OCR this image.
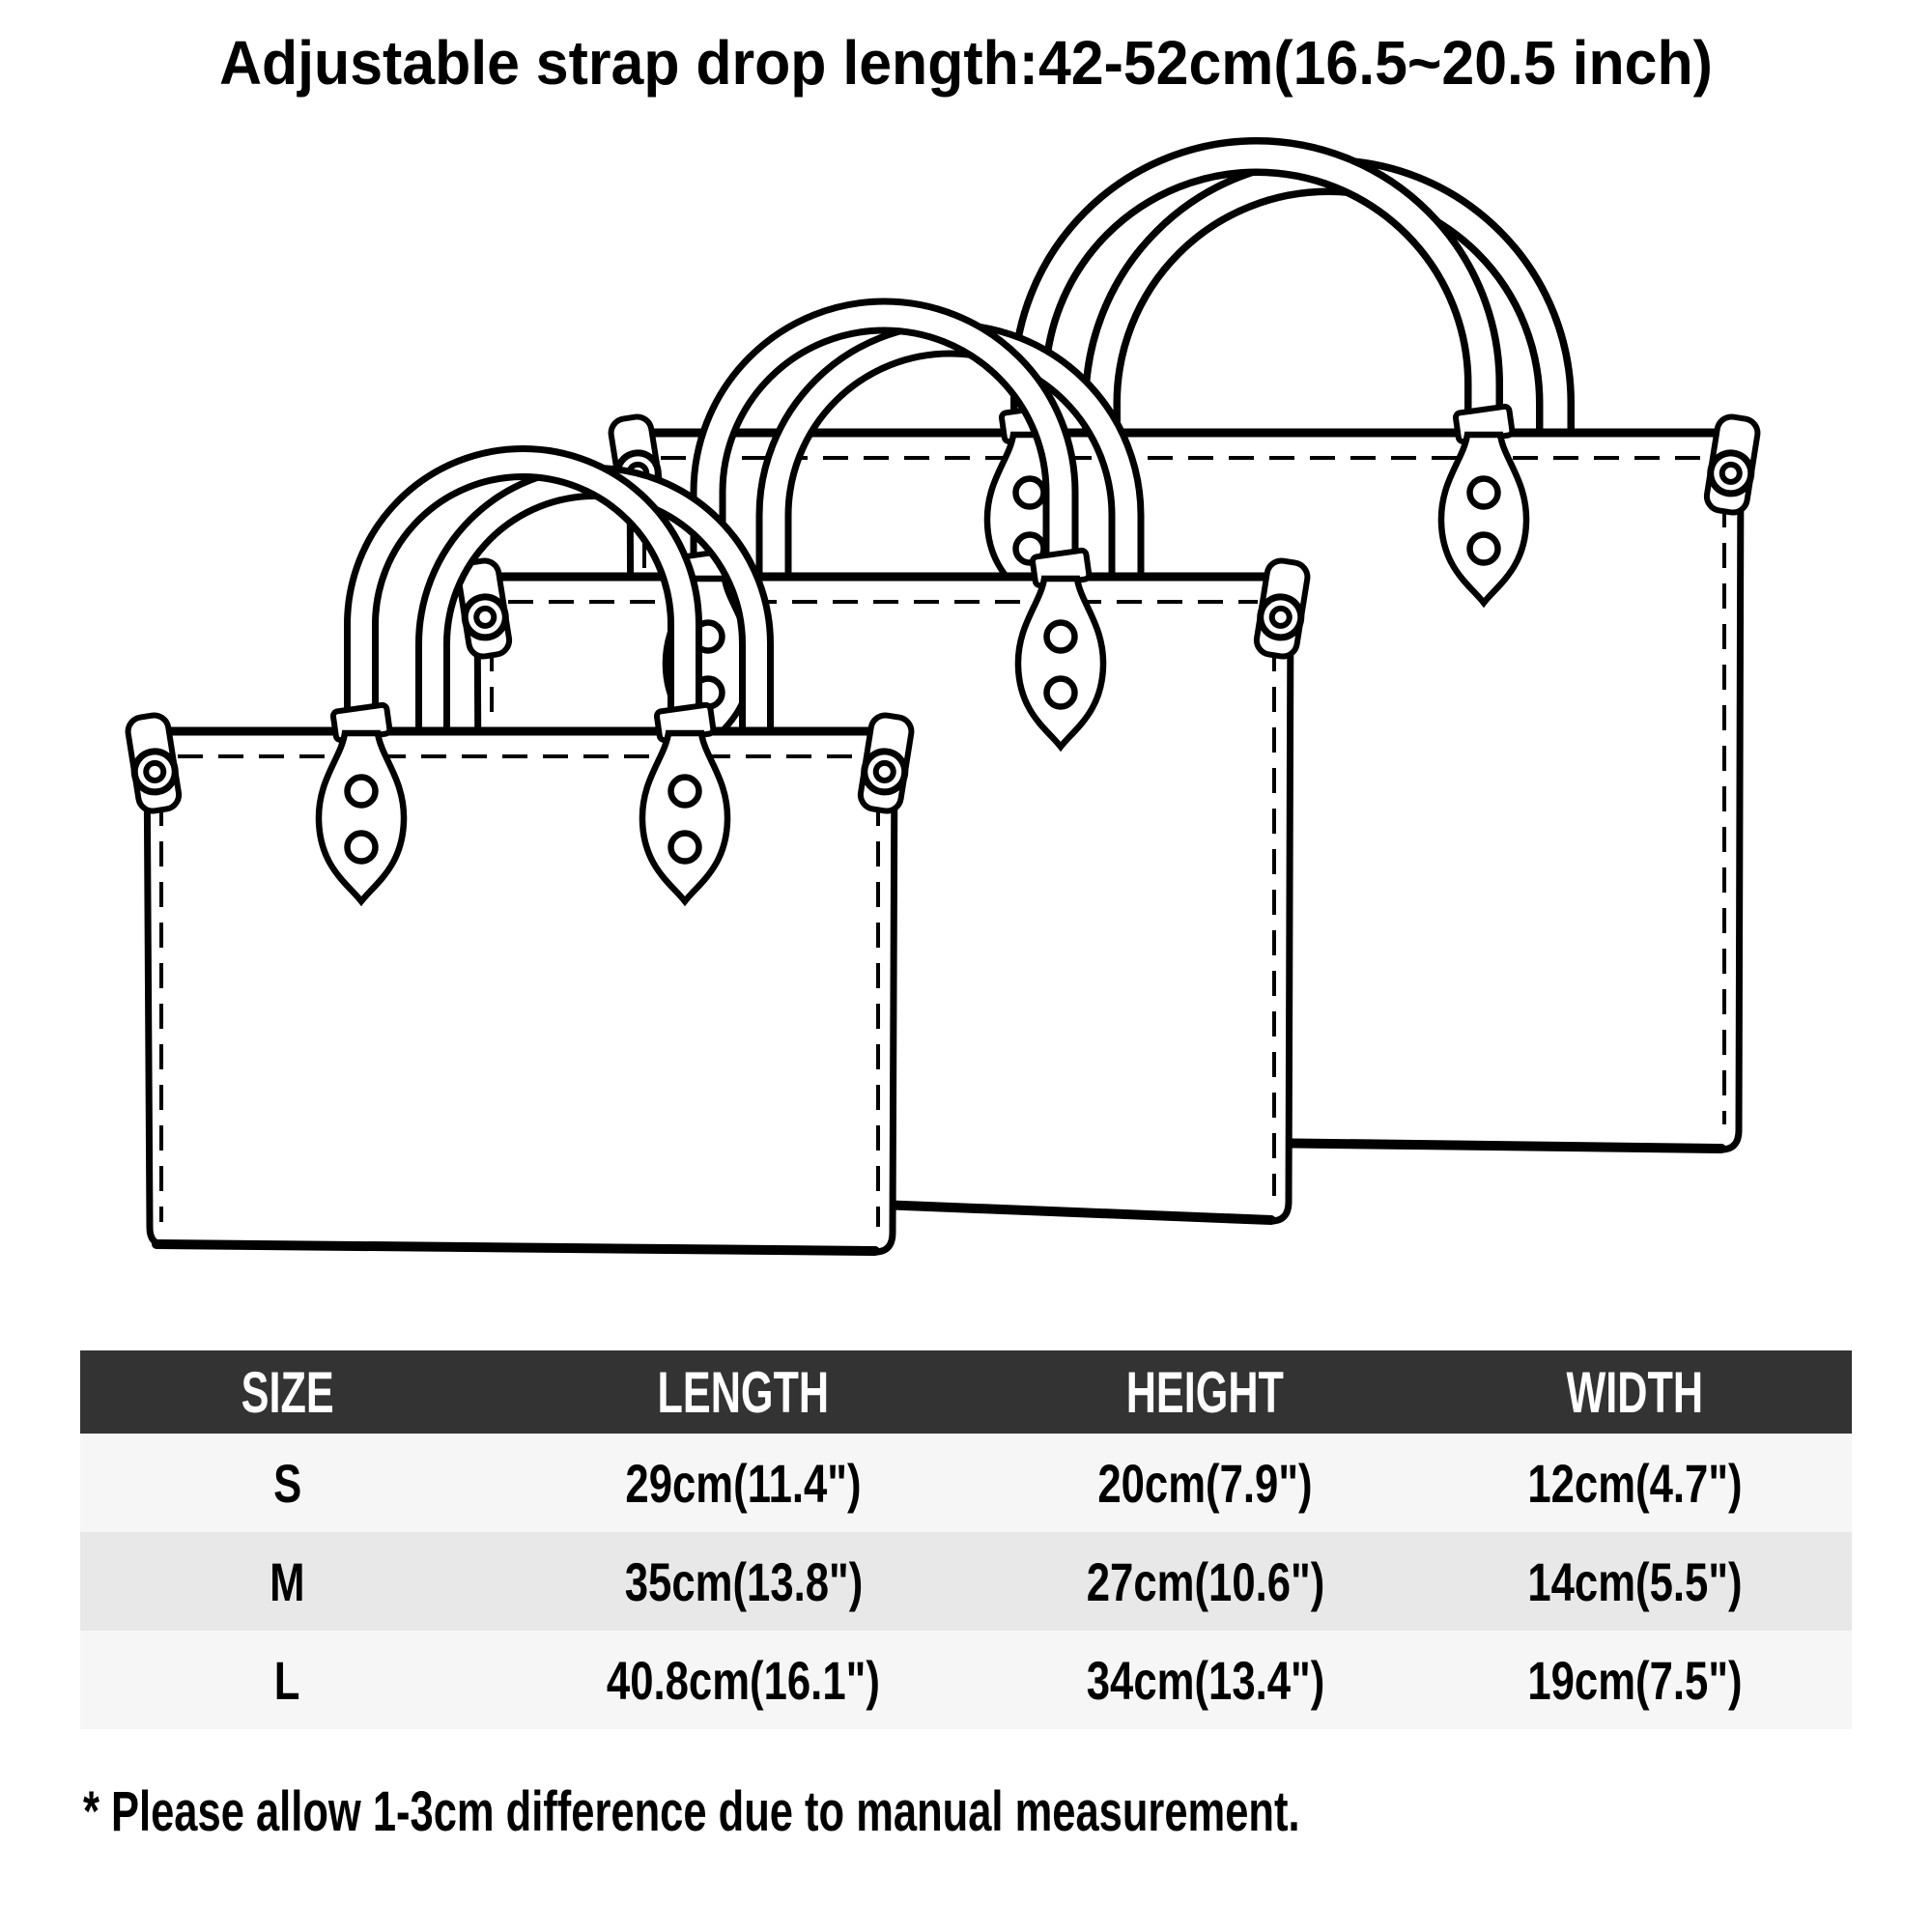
Adjustable strap drop length:42-52cm(16.5~20.5 inch)
SIZE	LENGTH	HEIGHT	WIDTH
S	29cm(11.4")	20cm(7.9")	12cm(4.7")
M	35cm(13.8")	27cm(10.6")	14cm(5.5")
L	40.8cm(16.1")	34cm(13.4")	19cm(7.5")
* Please allow 1-3cm difference due to manual measurement.
